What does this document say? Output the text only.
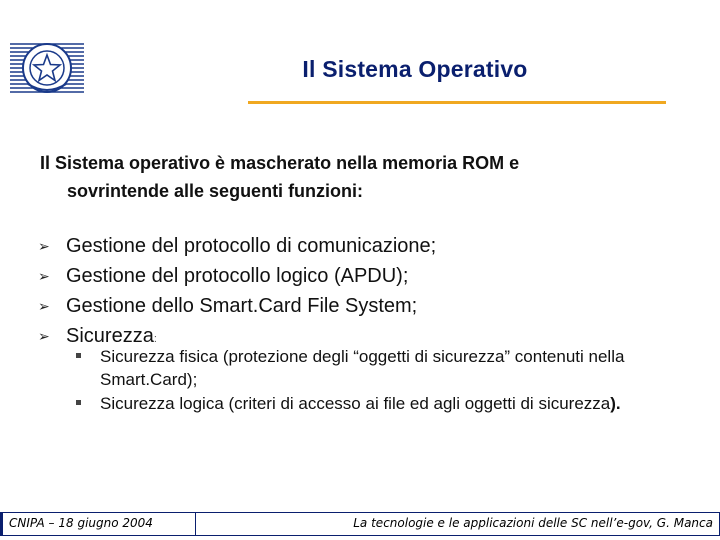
Il Sistema Operativo
Il Sistema operativo è mascherato nella memoria ROM e
sovrintende alle seguenti funzioni:
➢ Gestione del protocollo di comunicazione;
➢ Gestione del protocollo logico (APDU);
➢ Gestione dello Smart.Card File System;
➢ Sicurezza:
Sicurezza fisica (protezione degli “oggetti di sicurezza” contenuti nella Smart.Card);
Sicurezza logica (criteri di accesso ai file ed agli oggetti di sicurezza).
CNIPA – 18 giugno 2004	La tecnologie e le applicazioni delle SC nell’e-gov, G. Manca
